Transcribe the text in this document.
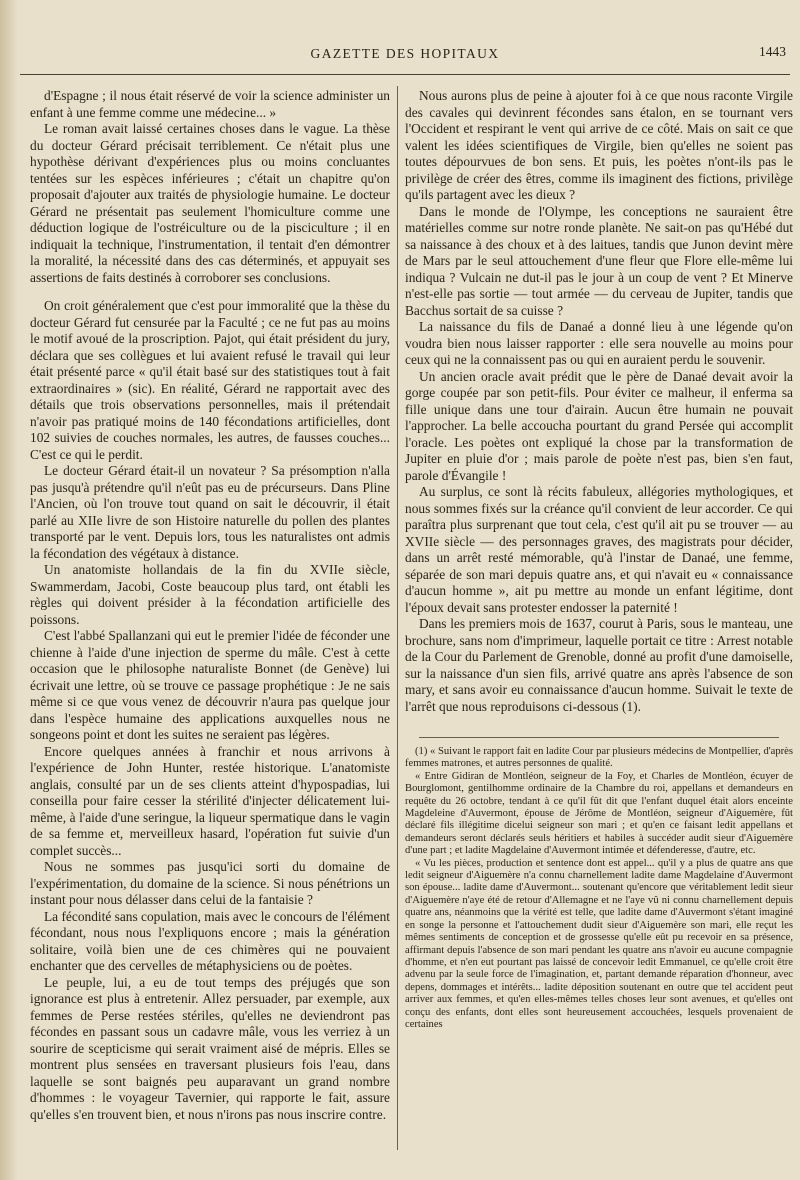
GAZETTE DES HOPITAUX	1443

d'Espagne ; il nous était réservé de voir la science administer un enfant à une femme comme une médecine... »

Le roman avait laissé certaines choses dans le vague. La thèse du docteur Gérard précisait terriblement. Ce n'était plus une hypothèse dérivant d'expériences plus ou moins concluantes tentées sur les espèces inférieures ; c'était un chapitre qu'on proposait d'ajouter aux traités de physiologie humaine. Le docteur Gérard ne présentait pas seulement l'homiculture comme une déduction logique de l'ostréiculture ou de la pisciculture ; il en indiquait la technique, l'instrumentation, il tentait d'en démontrer la moralité, la nécessité dans des cas déterminés, et appuyait ses assertions de faits destinés à corroborer ses conclusions.

On croit généralement que c'est pour immoralité que la thèse du docteur Gérard fut censurée par la Faculté ; ce ne fut pas au moins le motif avoué de la proscription. Pajot, qui était président du jury, déclara que ses collègues et lui avaient refusé le travail qui leur était présenté parce « qu'il était basé sur des statistiques tout à fait extraordinaires » (sic). En réalité, Gérard ne rapportait avec des détails que trois observations personnelles, mais il prétendait n'avoir pas pratiqué moins de 140 fécondations artificielles, dont 102 suivies de couches normales, les autres, de fausses couches... C'est ce qui le perdit.

Le docteur Gérard était-il un novateur ? Sa présomption n'alla pas jusqu'à prétendre qu'il n'eût pas eu de précurseurs. Dans Pline l'Ancien, où l'on trouve tout quand on sait le découvrir, il était parlé au XIIe livre de son Histoire naturelle du pollen des plantes transporté par le vent. Depuis lors, tous les naturalistes ont admis la fécondation des végétaux à distance.

Un anatomiste hollandais de la fin du XVIIe siècle, Swammerdam, Jacobi, Coste beaucoup plus tard, ont établi les règles qui doivent présider à la fécondation artificielle des poissons.

C'est l'abbé Spallanzani qui eut le premier l'idée de féconder une chienne à l'aide d'une injection de sperme du mâle. C'est à cette occasion que le philosophe naturaliste Bonnet (de Genève) lui écrivait une lettre, où se trouve ce passage prophétique : Je ne sais même si ce que vous venez de découvrir n'aura pas quelque jour dans l'espèce humaine des applications auxquelles nous ne songeons point et dont les suites ne seraient pas légères.

Encore quelques années à franchir et nous arrivons à l'expérience de John Hunter, restée historique. L'anatomiste anglais, consulté par un de ses clients atteint d'hypospadias, lui conseilla pour faire cesser la stérilité d'injecter délicatement lui-même, à l'aide d'une seringue, la liqueur spermatique dans le vagin de sa femme et, merveilleux hasard, l'opération fut suivie d'un complet succès...

Nous ne sommes pas jusqu'ici sorti du domaine de l'expérimentation, du domaine de la science. Si nous pénétrions un instant pour nous délasser dans celui de la fantaisie ?

La fécondité sans copulation, mais avec le concours de l'élément fécondant, nous nous l'expliquons encore ; mais la génération solitaire, voilà bien une de ces chimères qui ne pouvaient enchanter que des cervelles de métaphysiciens ou de poètes.

Le peuple, lui, a eu de tout temps des préjugés que son ignorance est plus à entretenir. Allez persuader, par exemple, aux femmes de Perse restées stériles, qu'elles ne deviendront pas fécondes en passant sous un cadavre mâle, vous les verriez à un sourire de scepticisme qui serait vraiment aisé de mépris. Elles se montrent plus sensées en traversant plusieurs fois l'eau, dans laquelle se sont baignés peu auparavant un grand nombre d'hommes : le voyageur Tavernier, qui rapporte le fait, assure qu'elles s'en trouvent bien, et nous n'irons pas nous inscrire contre.

Nous aurons plus de peine à ajouter foi à ce que nous raconte Virgile des cavales qui devinrent fécondes sans étalon, en se tournant vers l'Occident et respirant le vent qui arrive de ce côté. Mais on sait ce que valent les idées scientifiques de Virgile, bien qu'elles ne soient pas toutes dépourvues de bon sens. Et puis, les poètes n'ont-ils pas le privilège de créer des êtres, comme ils imaginent des fictions, privilège qu'ils partagent avec les dieux ?

Dans le monde de l'Olympe, les conceptions ne sauraient être matérielles comme sur notre ronde planète. Ne sait-on pas qu'Hébé dut sa naissance à des choux et à des laitues, tandis que Junon devint mère de Mars par le seul attouchement d'une fleur que Flore elle-même lui indiqua ? Vulcain ne dut-il pas le jour à un coup de vent ? Et Minerve n'est-elle pas sortie — tout armée — du cerveau de Jupiter, tandis que Bacchus sortait de sa cuisse ?

La naissance du fils de Danaé a donné lieu à une légende qu'on voudra bien nous laisser rapporter : elle sera nouvelle au moins pour ceux qui ne la connaissent pas ou qui en auraient perdu le souvenir.

Un ancien oracle avait prédit que le père de Danaé devait avoir la gorge coupée par son petit-fils. Pour éviter ce malheur, il enferma sa fille unique dans une tour d'airain. Aucun être humain ne pouvait l'approcher. La belle accoucha pourtant du grand Persée qui accomplit l'oracle. Les poètes ont expliqué la chose par la transformation de Jupiter en pluie d'or ; mais parole de poète n'est pas, bien s'en faut, parole d'Évangile !

Au surplus, ce sont là récits fabuleux, allégories mythologiques, et nous sommes fixés sur la créance qu'il convient de leur accorder. Ce qui paraîtra plus surprenant que tout cela, c'est qu'il ait pu se trouver — au XVIIe siècle — des personnages graves, des magistrats pour décider, dans un arrêt resté mémorable, qu'à l'instar de Danaé, une femme, séparée de son mari depuis quatre ans, et qui n'avait eu « connaissance d'aucun homme », ait pu mettre au monde un enfant légitime, dont l'époux devait sans protester endosser la paternité !

Dans les premiers mois de 1637, courut à Paris, sous le manteau, une brochure, sans nom d'imprimeur, laquelle portait ce titre : Arrest notable de la Cour du Parlement de Grenoble, donné au profit d'une damoiselle, sur la naissance d'un sien fils, arrivé quatre ans après l'absence de son mary, et sans avoir eu connaissance d'aucun homme. Suivait le texte de l'arrêt que nous reproduisons ci-dessous (1).

(1) « Suivant le rapport fait en ladite Cour par plusieurs médecins de Montpellier, d'après femmes matrones, et autres personnes de qualité.

« Entre Gidiran de Montléon, seigneur de la Foy, et Charles de Montléon, écuyer de Bourglomont, gentilhomme ordinaire de la Chambre du roi, appellans et demandeurs en requête du 26 octobre, tendant à ce qu'il fût dit que l'enfant duquel était alors enceinte Magdeleine d'Auvermont, épouse de Jérôme de Montléon, seigneur d'Aiguemère, fût déclaré fils illégitime dicelui seigneur son mari ; et qu'en ce faisant ledit appellans et demandeurs seront déclarés seuls héritiers et habiles à succéder audit sieur d'Aiguemère d'une part ; et ladite Magdelaine d'Auvermont intimée et défenderesse, d'autre, etc.

« Vu les pièces, production et sentence dont est appel... qu'il y a plus de quatre ans que ledit seigneur d'Aiguemère n'a connu charnellement ladite dame Magdelaine d'Auvermont son épouse... ladite dame d'Auvermont... soutenant qu'encore que véritablement ledit sieur d'Aiguemère n'aye été de retour d'Allemagne et ne l'aye vû ni connu charnellement depuis quatre ans, néanmoins que la vérité est telle, que ladite dame d'Auvermont s'étant imaginé en songe la personne et l'attouchement dudit sieur d'Aiguemère son mari, elle reçut les mêmes sentiments de conception et de grossesse qu'elle eût pu recevoir en sa présence, affirmant depuis l'absence de son mari pendant les quatre ans n'avoir eu aucune compagnie d'homme, et n'en eut pourtant pas laissé de concevoir ledit Emmanuel, ce qu'elle croit être advenu par la seule force de l'imagination, et, partant demande réparation d'honneur, avec depens, dommages et intérêts... ladite déposition soutenant en outre que tel accident peut arriver aux femmes, et qu'en elles-mêmes telles choses leur sont avenues, et qu'elles ont conçu des enfants, dont elles sont heureusement accouchées, lesquels provenaient de certaines
